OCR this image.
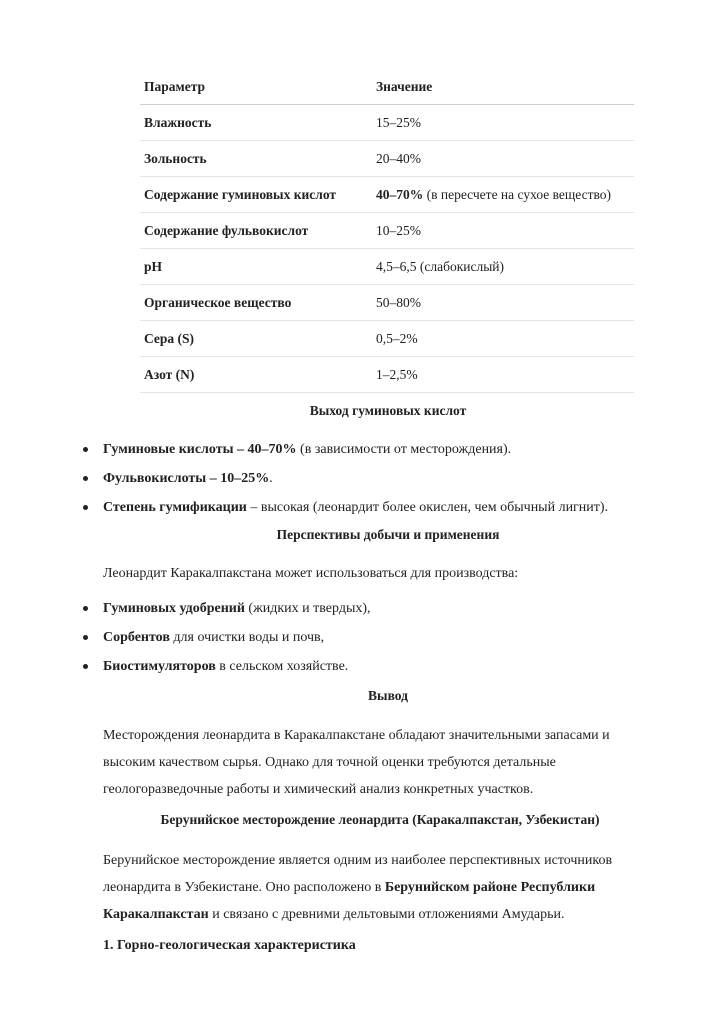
Параметр	Значение
Влажность	15–25%
Зольность	20–40%
Содержание гуминовых кислот	40–70% (в пересчете на сухое вещество)
Содержание фульвокислот	10–25%
pH	4,5–6,5 (слабокислый)
Органическое вещество	50–80%
Сера (S)	0,5–2%
Азот (N)	1–2,5%
Выход гуминовых кислот
Гуминовые кислоты – 40–70% (в зависимости от месторождения).
Фульвокислоты – 10–25%.
Степень гумификации – высокая (леонардит более окислен, чем обычный лигнит).
Перспективы добычи и применения
Леонардит Каракалпакстана может использоваться для производства:
Гуминовых удобрений (жидких и твердых),
Сорбентов для очистки воды и почв,
Биостимуляторов в сельском хозяйстве.
Вывод
Месторождения леонардита в Каракалпакстане обладают значительными запасами и высоким качеством сырья. Однако для точной оценки требуются детальные геологоразведочные работы и химический анализ конкретных участков.
Берунийское месторождение леонардита (Каракалпакстан, Узбекистан)
Берунийское месторождение является одним из наиболее перспективных источников леонардита в Узбекистане. Оно расположено в Берунийском районе Республики Каракалпакстан и связано с древними дельтовыми отложениями Амударьи.
1. Горно-геологическая характеристика
